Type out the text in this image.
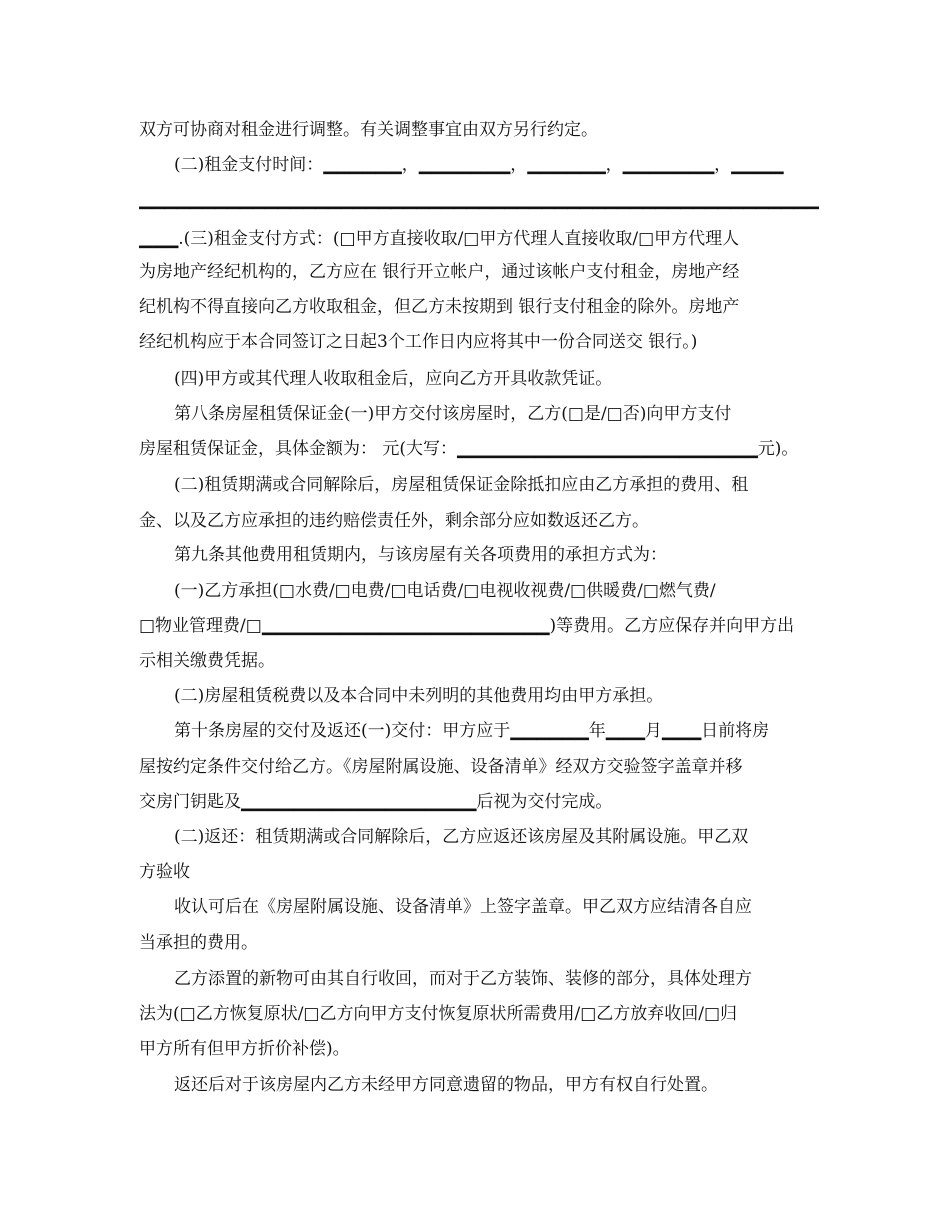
双方可协商对租金进行调整。有关调整事宜由双方另行约定。
(二)租金支付时间：▁▁▁▁▁▁，▁▁▁▁▁▁▁，▁▁▁▁▁▁，▁▁▁▁▁▁▁，▁▁▁▁
▁▁▁▁▁▁▁▁▁▁▁▁▁▁▁▁▁▁▁▁▁▁▁▁▁▁▁▁▁▁▁▁▁▁▁▁▁▁▁▁▁▁▁▁▁▁▁▁▁▁▁▁▁▁
▁▁▁.(三)租金支付方式：(□甲方直接收取/□甲方代理人直接收取/□甲方代理人
为房地产经纪机构的，乙方应在 银行开立帐户，通过该帐户支付租金，房地产经
纪机构不得直接向乙方收取租金，但乙方未按期到 银行支付租金的除外。房地产
经纪机构应于本合同签订之日起3个工作日内应将其中一份合同送交 银行。)
(四)甲方或其代理人收取租金后，应向乙方开具收款凭证。
第八条房屋租赁保证金(一)甲方交付该房屋时，乙方(□是/□否)向甲方支付
房屋租赁保证金，具体金额为： 元(大写：▁▁▁▁▁▁▁▁▁▁▁▁▁▁▁▁▁▁▁▁▁▁▁元)。
(二)租赁期满或合同解除后，房屋租赁保证金除抵扣应由乙方承担的费用、租
金、以及乙方应承担的违约赔偿责任外，剩余部分应如数返还乙方。
第九条其他费用租赁期内，与该房屋有关各项费用的承担方式为：
(一)乙方承担(□水费/□电费/□电话费/□电视收视费/□供暖费/□燃气费/
□物业管理费/□▁▁▁▁▁▁▁▁▁▁▁▁▁▁▁▁▁▁▁▁▁▁)等费用。乙方应保存并向甲方出
示相关缴费凭据。
(二)房屋租赁税费以及本合同中未列明的其他费用均由甲方承担。
第十条房屋的交付及返还(一)交付：甲方应于▁▁▁▁▁▁年▁▁▁月▁▁▁日前将房
屋按约定条件交付给乙方。《房屋附属设施、设备清单》经双方交验签字盖章并移
交房门钥匙及▁▁▁▁▁▁▁▁▁▁▁▁▁▁▁▁▁▁后视为交付完成。
(二)返还：租赁期满或合同解除后，乙方应返还该房屋及其附属设施。甲乙双
方验收
收认可后在《房屋附属设施、设备清单》上签字盖章。甲乙双方应结清各自应
当承担的费用。
乙方添置的新物可由其自行收回，而对于乙方装饰、装修的部分，具体处理方
法为(□乙方恢复原状/□乙方向甲方支付恢复原状所需费用/□乙方放弃收回/□归
甲方所有但甲方折价补偿)。
返还后对于该房屋内乙方未经甲方同意遗留的物品，甲方有权自行处置。
